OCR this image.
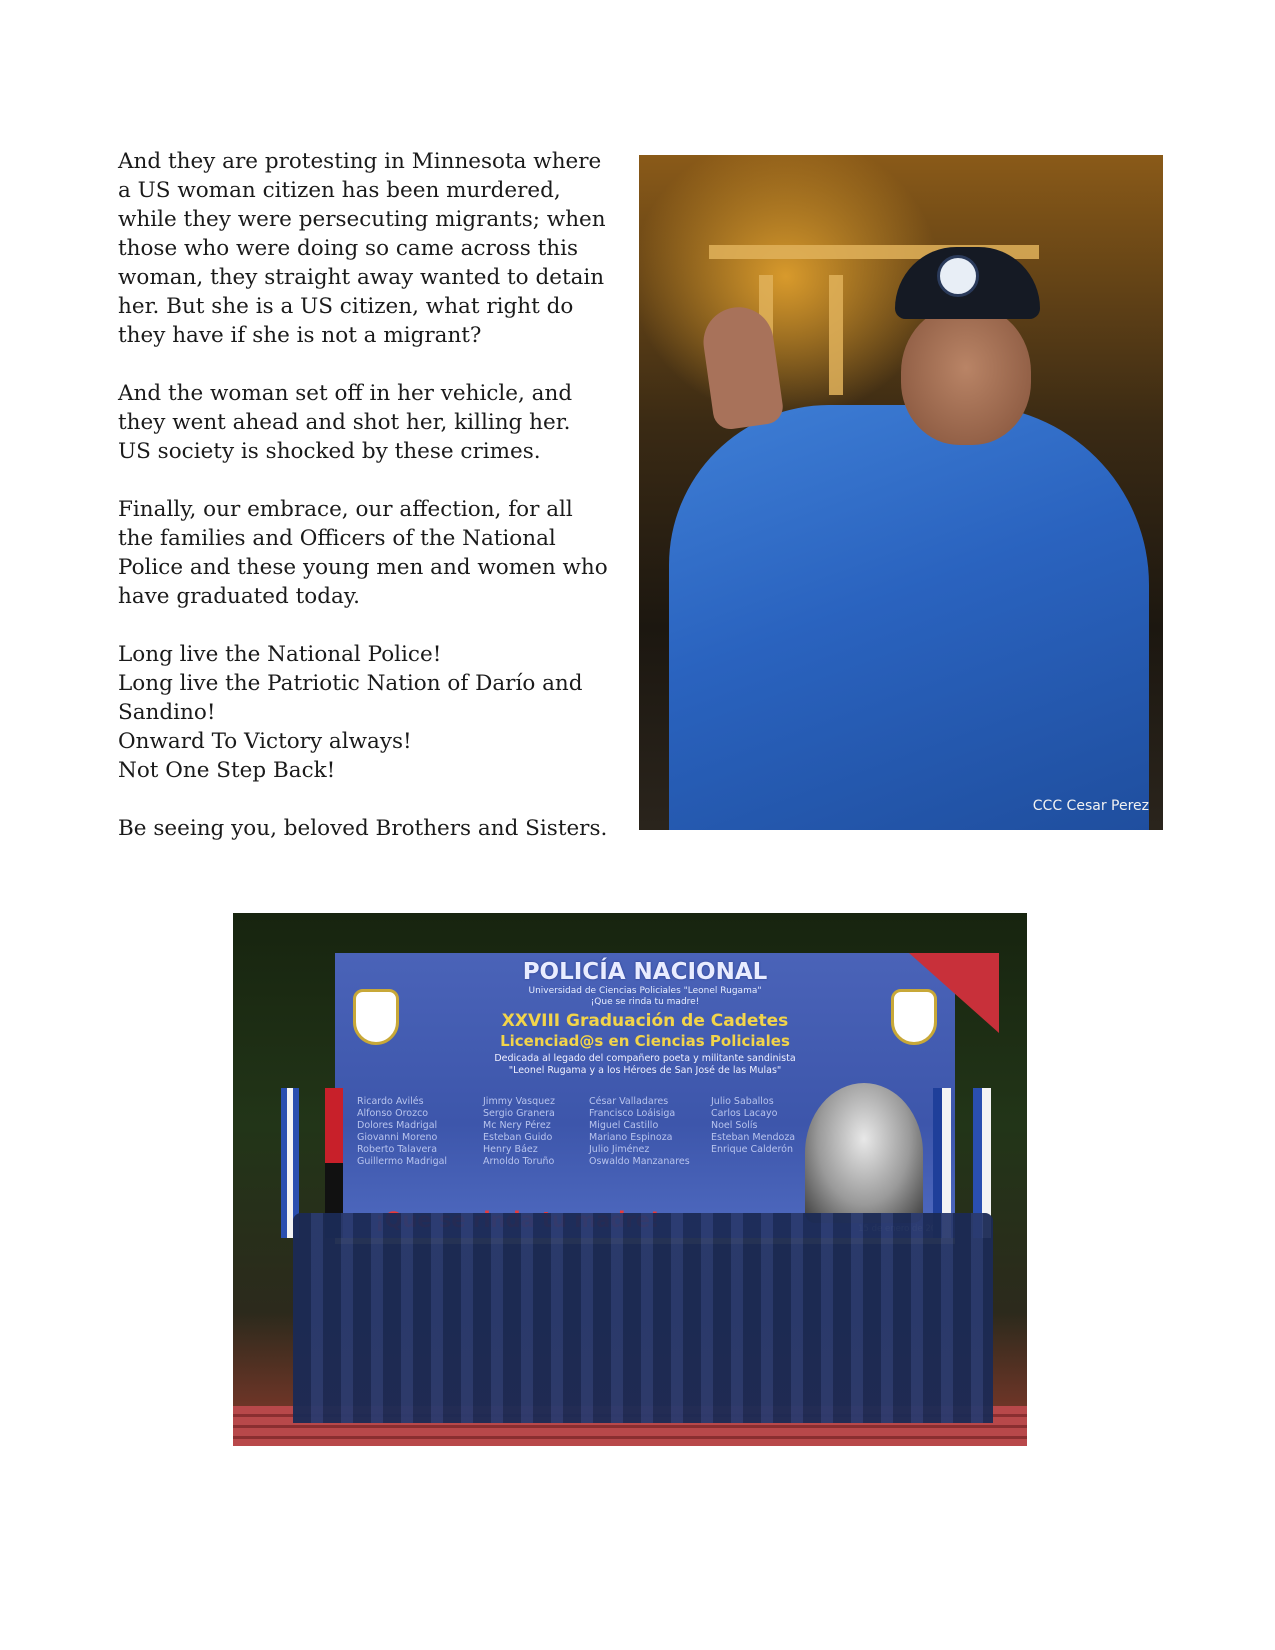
And they are protesting in Minnesota where a US woman citizen has been murdered, while they were persecuting migrants; when those who were doing so came across this woman, they straight away wanted to detain her. But she is a US citizen, what right do they have if she is not a migrant?

And the woman set off in her vehicle, and they went ahead and shot her, killing her. US society is shocked by these crimes.

Finally, our embrace, our affection, for all the families and Officers of the National Police and these young men and women who have graduated today.

Long live the National Police!
Long live the Patriotic Nation of Darío and Sandino!
Onward To Victory always!
Not One Step Back!

Be seeing you, beloved Brothers and Sisters.

CCC Cesar Perez
POLICÍA NACIONAL
Universidad de Ciencias Policiales "Leonel Rugama"
¡Que se rinda tu madre!
XXVIII Graduación de Cadetes
Licenciad@s en Ciencias Policiales
Dedicada al legado del compañero poeta y militante sandinista
"Leonel Rugama y a los Héroes de San José de las Mulas"
Ricardo Avilés	Jimmy Vasquez	César Valladares	Julio Saballos
Alfonso Orozco	Sergio Granera	Francisco Loáisiga	Carlos Lacayo
Dolores Madrigal	Mc Nery Pérez	Miguel Castillo	Noel Solís
Giovanni Moreno	Esteban Guido	Mariano Espinoza	Esteban Mendoza
Roberto Talavera	Henry Báez	Julio Jiménez	Enrique Calderón
Guillermo Madrigal	Arnoldo Toruño	Oswaldo Manzanares
